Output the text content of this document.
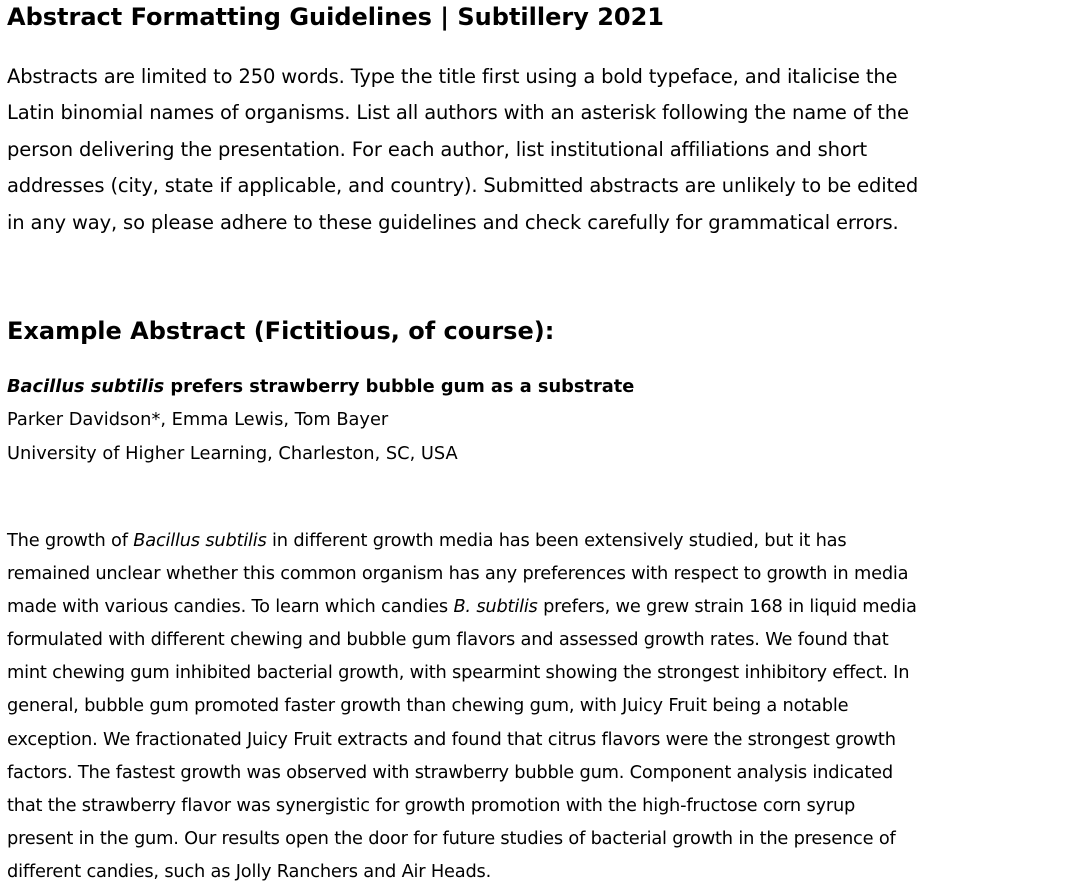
Abstract Formatting Guidelines | Subtillery 2021
Abstracts are limited to 250 words. Type the title first using a bold typeface, and italicise the
Latin binomial names of organisms. List all authors with an asterisk following the name of the
person delivering the presentation. For each author, list institutional affiliations and short
addresses (city, state if applicable, and country). Submitted abstracts are unlikely to be edited
in any way, so please adhere to these guidelines and check carefully for grammatical errors.
Example Abstract (Fictitious, of course):
Bacillus subtilis prefers strawberry bubble gum as a substrate
Parker Davidson*, Emma Lewis, Tom Bayer
University of Higher Learning, Charleston, SC, USA
The growth of Bacillus subtilis in different growth media has been extensively studied, but it has
remained unclear whether this common organism has any preferences with respect to growth in media
made with various candies. To learn which candies B. subtilis prefers, we grew strain 168 in liquid media
formulated with different chewing and bubble gum flavors and assessed growth rates. We found that
mint chewing gum inhibited bacterial growth, with spearmint showing the strongest inhibitory effect. In
general, bubble gum promoted faster growth than chewing gum, with Juicy Fruit being a notable
exception. We fractionated Juicy Fruit extracts and found that citrus flavors were the strongest growth
factors. The fastest growth was observed with strawberry bubble gum. Component analysis indicated
that the strawberry flavor was synergistic for growth promotion with the high-fructose corn syrup
present in the gum. Our results open the door for future studies of bacterial growth in the presence of
different candies, such as Jolly Ranchers and Air Heads.
